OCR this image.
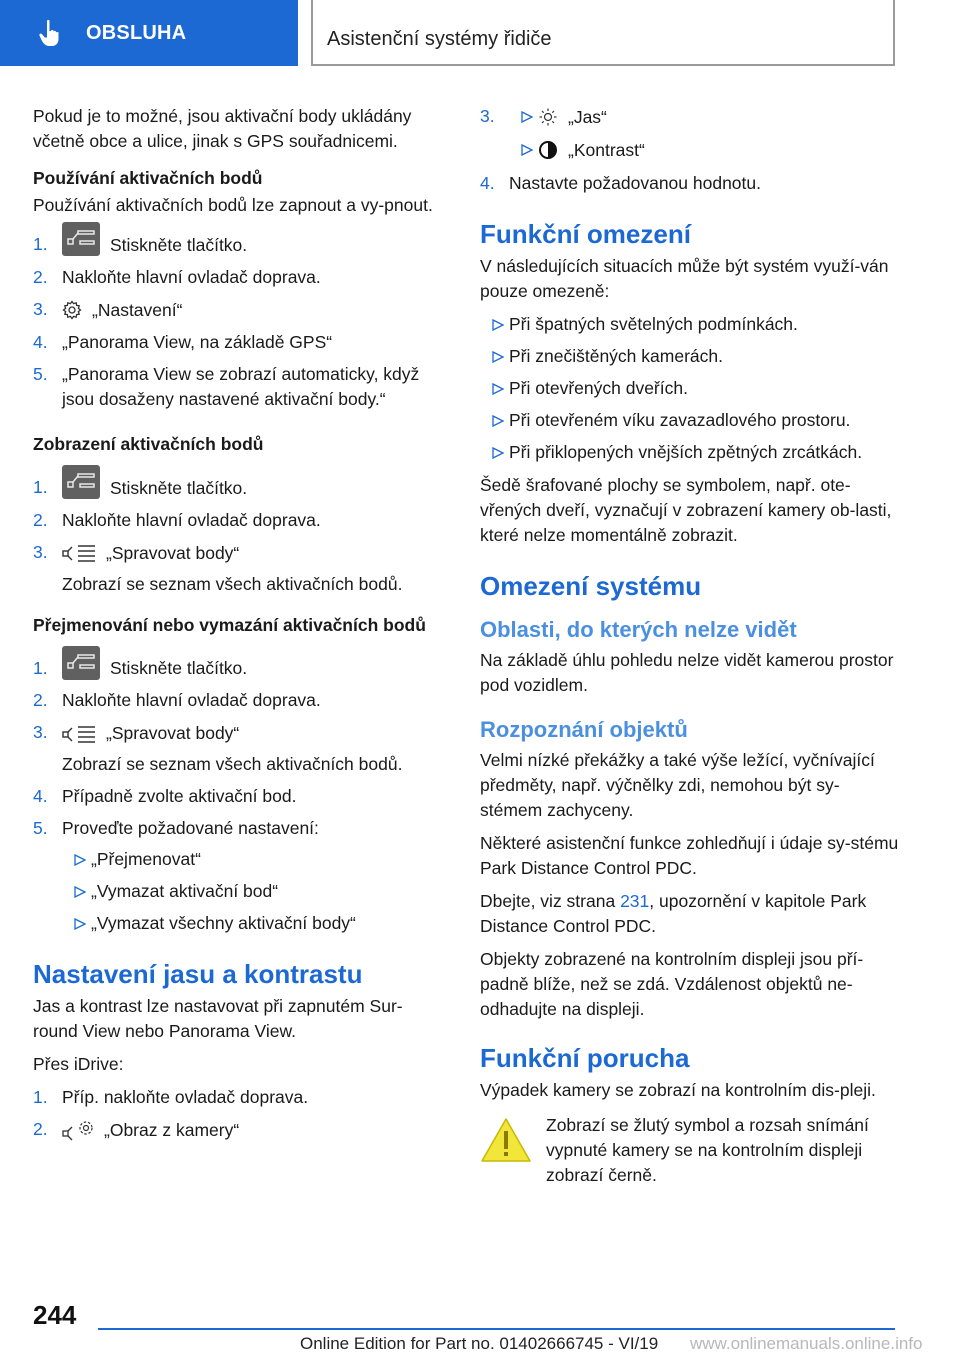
OBSLUHA	Asistenční systémy řidiče

Pokud je to možné, jsou aktivační body ukládány včetně obce a ulice, jinak s GPS souřadnicemi.

Používání aktivačních bodů

Používání aktivačních bodů lze zapnout a vy-pnout.

1.	Stiskněte tlačítko.
2. Nakloňte hlavní ovladač doprava.
3.	„Nastavení“
4. „Panorama View, na základě GPS“
5. „Panorama View se zobrazí automaticky, když jsou dosaženy nastavené aktivační body.“
Zobrazení aktivačních bodů
1.	Stiskněte tlačítko.
2. Nakloňte hlavní ovladač doprava.
3.	„Spravovat body“
Zobrazí se seznam všech aktivačních bodů.
Přejmenování nebo vymazání aktivačních bodů
1.	Stiskněte tlačítko.
2. Nakloňte hlavní ovladač doprava.
3.	„Spravovat body“
Zobrazí se seznam všech aktivačních bodů.
4. Případně zvolte aktivační bod.
5. Proveďte požadované nastavení:
„Přejmenovat“
„Vymazat aktivační bod“
„Vymazat všechny aktivační body“
Nastavení jasu a kontrastu

Jas a kontrast lze nastavovat při zapnutém Sur-round View nebo Panorama View.

Přes iDrive:

1. Příp. nakloňte ovladač doprava.
2.	„Obraz z kamery“
3.	„Jas“
„Kontrast“
4. Nastavte požadovanou hodnotu.
Funkční omezení

V následujících situacích může být systém využí-ván pouze omezeně:

Při špatných světelných podmínkách.
Při znečištěných kamerách.
Při otevřených dveřích.
Při otevřeném víku zavazadlového prostoru.
Při přiklopených vnějších zpětných zrcátkách.

Šedě šrafované plochy se symbolem, např. ote-vřených dveří, vyznačují v zobrazení kamery ob-lasti, které nelze momentálně zobrazit.

Omezení systému
Oblasti, do kterých nelze vidět

Na základě úhlu pohledu nelze vidět kamerou prostor pod vozidlem.

Rozpoznání objektů

Velmi nízké překážky a také výše ležící, vyčnívající předměty, např. výčnělky zdi, nemohou být sy-stémem zachyceny.

Některé asistenční funkce zohledňují i údaje sy-stému Park Distance Control PDC.

Dbejte, viz strana 231, upozornění v kapitole Park Distance Control PDC.

Objekty zobrazené na kontrolním displeji jsou pří-padně blíže, než se zdá. Vzdálenost objektů ne-odhadujte na displeji.

Funkční porucha

Výpadek kamery se zobrazí na kontrolním dis-pleji.

Zobrazí se žlutý symbol a rozsah snímání vypnuté kamery se na kontrolním displeji zobrazí černě.
244
Online Edition for Part no. 01402666745 - VI/19 www.onlinemanuals.online.info
